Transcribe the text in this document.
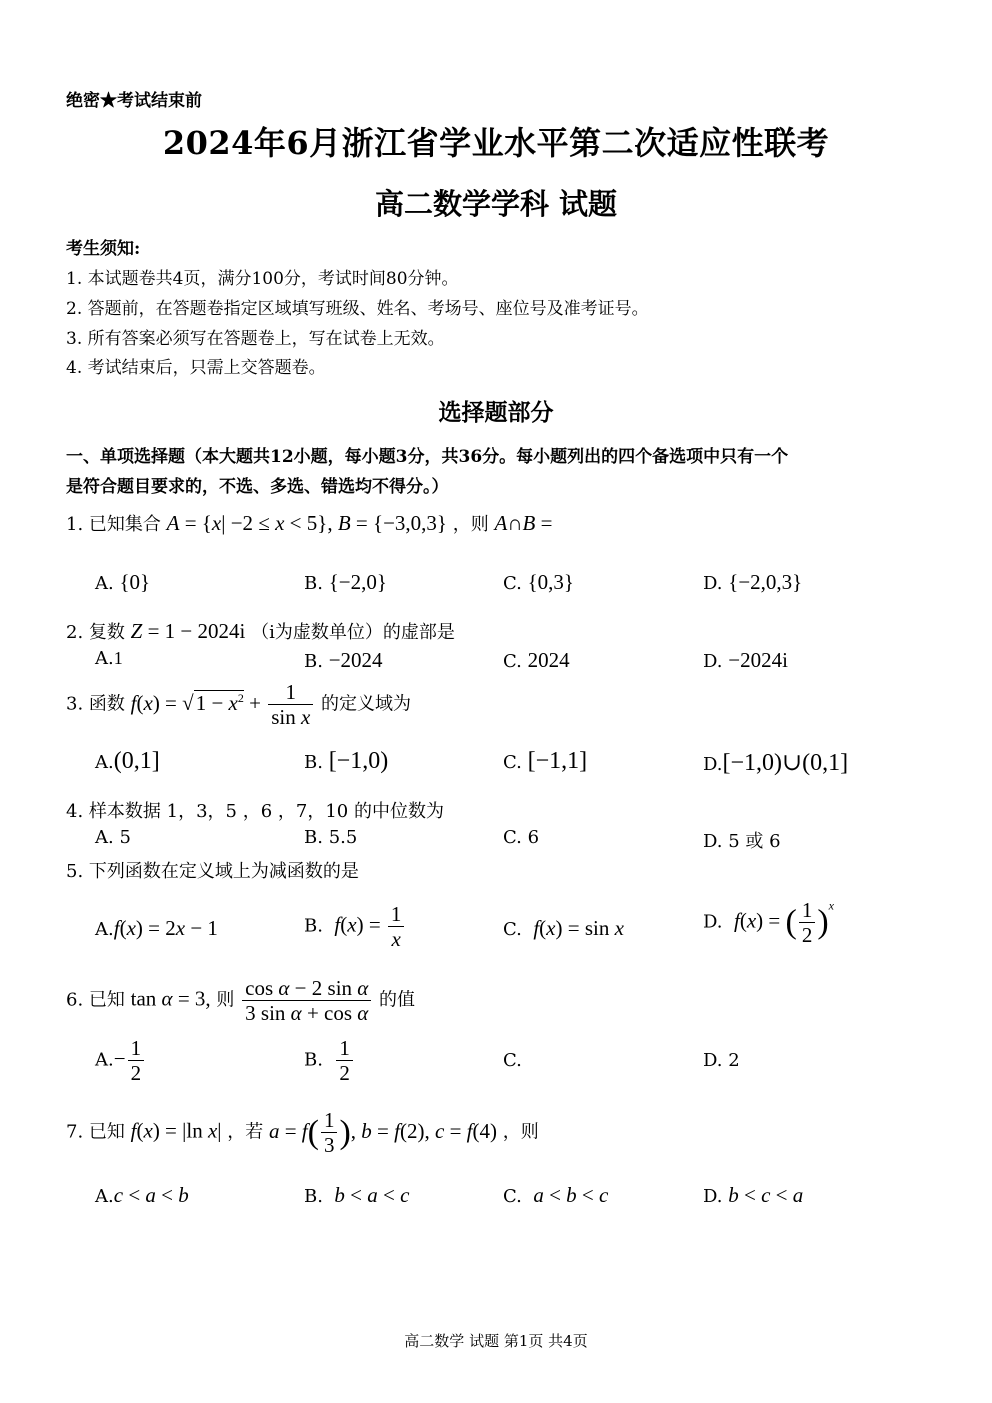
绝密★考试结束前
2024年6月浙江省学业水平第二次适应性联考
高二数学学科 试题
考生须知:
1. 本试题卷共4页，满分100分，考试时间80分钟。
2. 答题前，在答题卷指定区域填写班级、姓名、考场号、座位号及准考证号。
3. 所有答案必须写在答题卷上，写在试卷上无效。
4. 考试结束后，只需上交答题卷。
选择题部分
一、单项选择题（本大题共12小题，每小题3分，共36分。每小题列出的四个备选项中只有一个
是符合题目要求的，不选、多选、错选均不得分。）
1. 已知集合 A = {x| −2 ≤ x < 5}, B = {−3,0,3} ，则 A∩B =
A. {0}	B. {−2,0}	C. {0,3}	D. {−2,0,3}
2. 复数 Z = 1 − 2024i （i为虚数单位）的虚部是
A.1	B. −2024	C. 2024	D. −2024i
3. 函数 $f(x) = √1 - x^2 + \frac{1}{\text{sin x}}$ 的定义域为
A.(0,1]	B. [−1,0)	C. [−1,1]	D.[−1,0)∪(0,1]
4. 样本数据 1，3，5 ，6 ，7，10 的中位数为
A. 5	B. 5.5	C. 6	D. 5 或 6
5. 下列函数在定义域上为减函数的是
A.f(x) = 2x − 1	B. $f(x) = \frac{1}{x}$	C. f(x) = sin x	D. f(x) = ( $\frac{1}{2} )^x$
6. 已知 tan α = 3, 则 $\frac{\text{cos α − 2 sin α}}{\text{3 sin α + cos α}}$ 的值
$A.- \frac{1}{2}$	B. $\frac{1}{2}$	C.	D. 2
7. 已知 f(x) = |ln x| ，若 $a = f( \frac{1}{3}$ ), b = f(2), c = f(4) ，则
A.c < a < b	B. b < a < c	C. a < b < c	D. b < c < a
高二数学 试题 第1页 共4页
